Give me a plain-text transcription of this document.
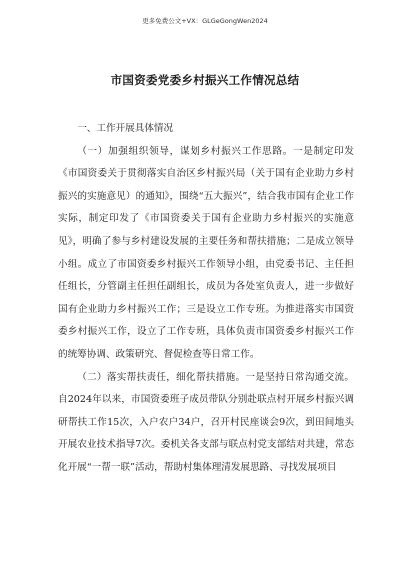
更多免费公文+VX：GLGeGongWen2024
市国资委党委乡村振兴工作情况总结

一、工作开展具体情况

（一）加强组织领导，谋划乡村振兴工作思路。一是制定印发《市国资委关于贯彻落实自治区乡村振兴局（关于国有企业助力乡村振兴的实施意见）的通知》，围绕“五大振兴”，结合我市国有企业工作实际，制定印发了《市国资委关于国有企业助力乡村振兴的实施意见》，明确了参与乡村建设发展的主要任务和帮扶措施；二是成立领导小组。成立了市国资委乡村振兴工作领导小组，由党委书记、主任担任组长，分管副主任担任副组长，成员为各处室负责人，进一步做好国有企业助力乡村振兴工作；三是设立工作专班。为推进落实市国资委乡村振兴工作，设立了工作专班，具体负责市国资委乡村振兴工作的统筹协调、政策研究、督促检查等日常工作。

（二）落实帮扶责任，细化帮扶措施。一是坚持日常沟通交流。自2024年以来，市国资委班子成员带队分别赴联点村开展乡村振兴调研帮扶工作15次，入户农户34户，召开村民座谈会9次，到田间地头开展农业技术指导7次。委机关各支部与联点村党支部结对共建，常态化开展“一帮一联”活动，帮助村集体理清发展思路、寻找发展项目
